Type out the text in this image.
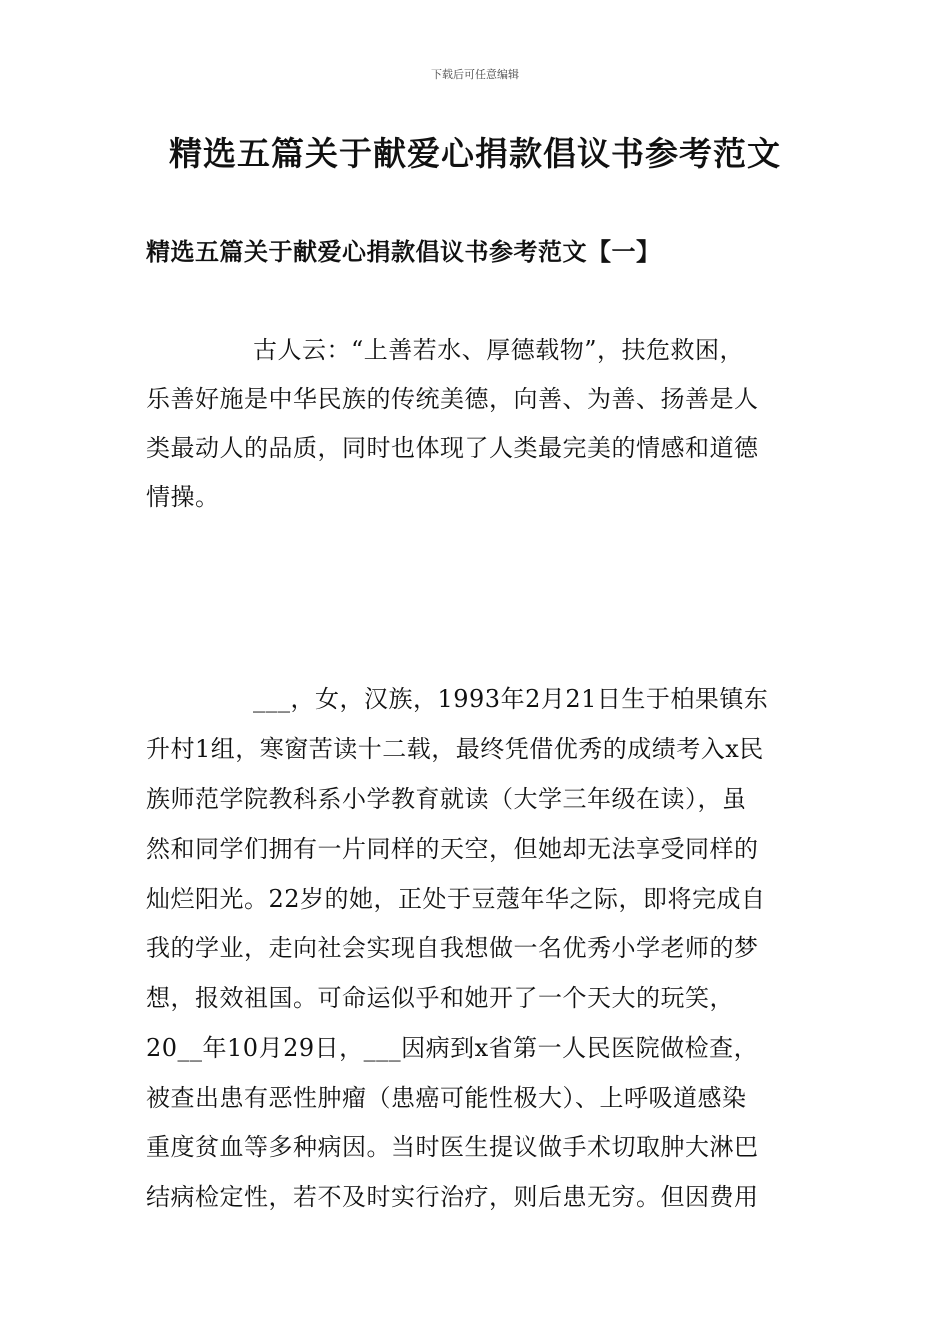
下载后可任意编辑
精选五篇关于献爱心捐款倡议书参考范文
精选五篇关于献爱心捐款倡议书参考范文【一】
古人云：“上善若水、厚德载物”，扶危救困，
乐善好施是中华民族的传统美德，向善、为善、扬善是人
类最动人的品质，同时也体现了人类最完美的情感和道德
情操。
___，女，汉族，1993年2月21日生于柏果镇东
升村1组，寒窗苦读十二载，最终凭借优秀的成绩考入x民
族师范学院教科系小学教育就读（大学三年级在读），虽
然和同学们拥有一片同样的天空，但她却无法享受同样的
灿烂阳光。22岁的她，正处于豆蔻年华之际，即将完成自
我的学业，走向社会实现自我想做一名优秀小学老师的梦
想，报效祖国。可命运似乎和她开了一个天大的玩笑，
20__年10月29日，___因病到x省第一人民医院做检查，
被查出患有恶性肿瘤（患癌可能性极大）、上呼吸道感染
重度贫血等多种病因。当时医生提议做手术切取肿大淋巴
结病检定性，若不及时实行治疗，则后患无穷。但因费用
